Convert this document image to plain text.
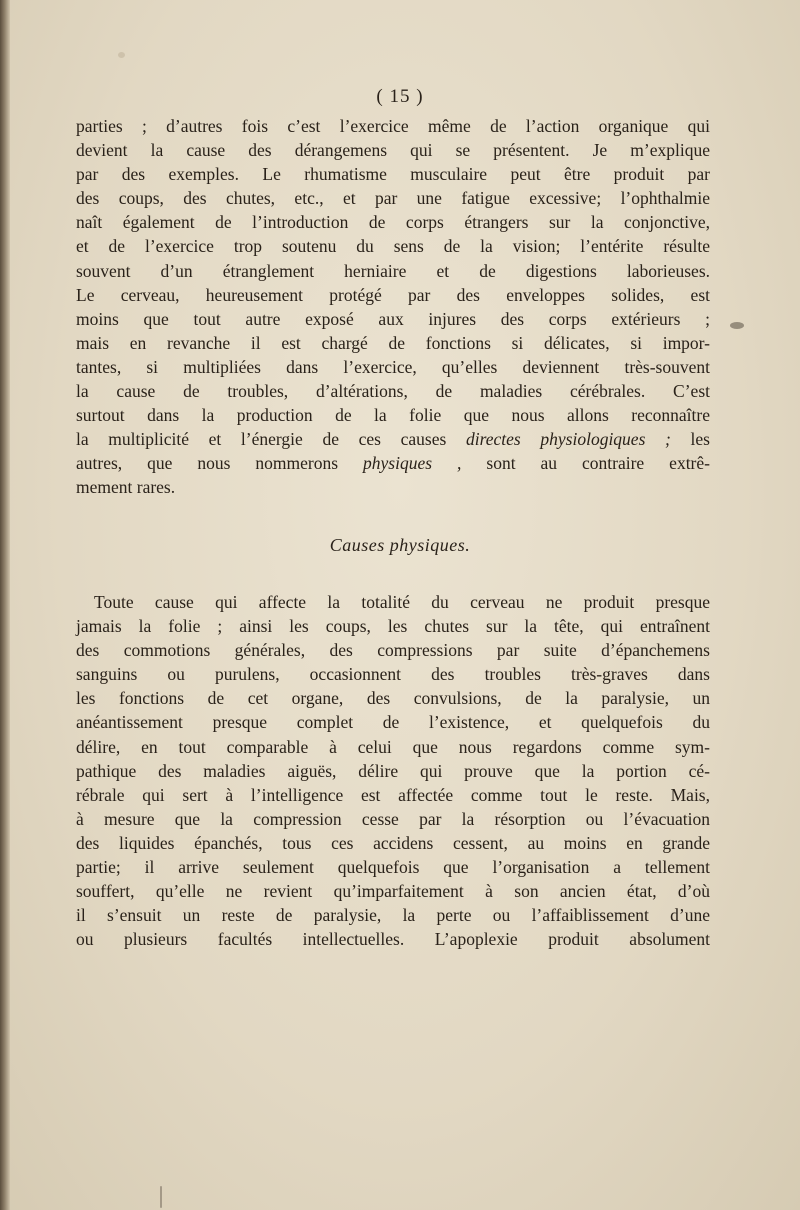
( 15 )
parties ; d’autres fois c’est l’exercice même de l’action organique qui
devient la cause des dérangemens qui se présentent. Je m’explique
par des exemples. Le rhumatisme musculaire peut être produit par
des coups, des chutes, etc., et par une fatigue excessive; l’ophthalmie
naît également de l’introduction de corps étrangers sur la conjonctive,
et de l’exercice trop soutenu du sens de la vision; l’entérite résulte
souvent d’un étranglement herniaire et de digestions laborieuses.
Le cerveau, heureusement protégé par des enveloppes solides, est
moins que tout autre exposé aux injures des corps extérieurs ;
mais en revanche il est chargé de fonctions si délicates, si impor-
tantes, si multipliées dans l’exercice, qu’elles deviennent très-souvent
la cause de troubles, d’altérations, de maladies cérébrales. C’est
surtout dans la production de la folie que nous allons reconnaître
la multiplicité et l’énergie de ces causes directes physiologiques ; les
autres, que nous nommerons physiques , sont au contraire extrê-
mement rares.
Causes physiques.
Toute cause qui affecte la totalité du cerveau ne produit presque
jamais la folie ; ainsi les coups, les chutes sur la tête, qui entraînent
des commotions générales, des compressions par suite d’épanchemens
sanguins ou purulens, occasionnent des troubles très-graves dans
les fonctions de cet organe, des convulsions, de la paralysie, un
anéantissement presque complet de l’existence, et quelquefois du
délire, en tout comparable à celui que nous regardons comme sym-
pathique des maladies aiguës, délire qui prouve que la portion cé-
rébrale qui sert à l’intelligence est affectée comme tout le reste. Mais,
à mesure que la compression cesse par la résorption ou l’évacuation
des liquides épanchés, tous ces accidens cessent, au moins en grande
partie; il arrive seulement quelquefois que l’organisation a tellement
souffert, qu’elle ne revient qu’imparfaitement à son ancien état, d’où
il s’ensuit un reste de paralysie, la perte ou l’affaiblissement d’une
ou plusieurs facultés intellectuelles. L’apoplexie produit absolument
